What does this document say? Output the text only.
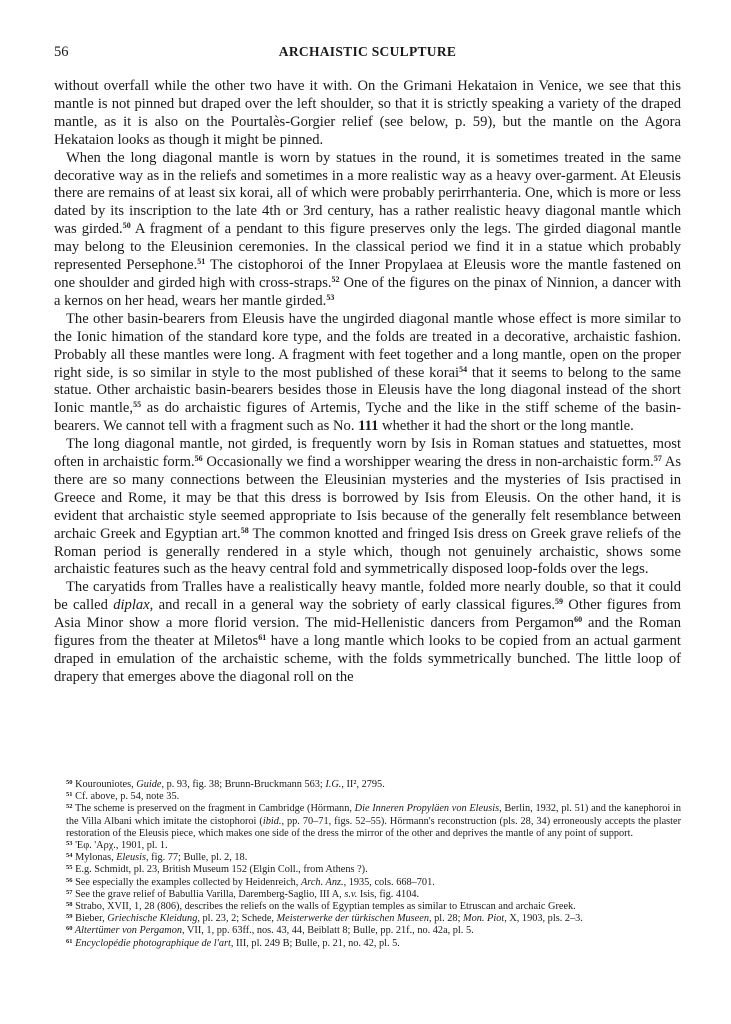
56	ARCHAISTIC SCULPTURE

without overfall while the other two have it with. On the Grimani Hekataion in Venice, we see that this mantle is not pinned but draped over the left shoulder, so that it is strictly speaking a variety of the draped mantle, as it is also on the Pourtalès-Gorgier relief (see below, p. 59), but the mantle on the Agora Hekataion looks as though it might be pinned.

When the long diagonal mantle is worn by statues in the round, it is sometimes treated in the same decorative way as in the reliefs and sometimes in a more realistic way as a heavy over-garment. At Eleusis there are remains of at least six korai, all of which were probably perirrhanteria. One, which is more or less dated by its inscription to the late 4th or 3rd century, has a rather realistic heavy diagonal mantle which was girded.$^{50}$ A fragment of a pendant to this figure preserves only the legs. The girded diagonal mantle may belong to the Eleusinion ceremonies. In the classical period we find it in a statue which probably represented Persephone.$^{51}$ The cistophoroi of the Inner Propylaea at Eleusis wore the mantle fastened on one shoulder and girded high with cross-straps.$^{52}$ One of the figures on the pinax of Ninnion, a dancer with a kernos on her head, wears her mantle girded.$^{53}$

The other basin-bearers from Eleusis have the ungirded diagonal mantle whose effect is more similar to the Ionic himation of the standard kore type, and the folds are treated in a decorative, archaistic fashion. Probably all these mantles were long. A fragment with feet together and a long mantle, open on the proper right side, is so similar in style to the most published of these korai$^{54}$ that it seems to belong to the same statue. Other archaistic basin-bearers besides those in Eleusis have the long diagonal instead of the short Ionic mantle,$^{55}$ as do archaistic figures of Artemis, Tyche and the like in the stiff scheme of the basin-bearers. We cannot tell with a fragment such as No. 111 whether it had the short or the long mantle.

The long diagonal mantle, not girded, is frequently worn by Isis in Roman statues and statuettes, most often in archaistic form.$^{56}$ Occasionally we find a worshipper wearing the dress in non-archaistic form.$^{57}$ As there are so many connections between the Eleusinian mysteries and the mysteries of Isis practised in Greece and Rome, it may be that this dress is borrowed by Isis from Eleusis. On the other hand, it is evident that archaistic style seemed appropriate to Isis because of the generally felt resemblance between archaic Greek and Egyptian art.$^{58}$ The common knotted and fringed Isis dress on Greek grave reliefs of the Roman period is generally rendered in a style which, though not genuinely archaistic, shows some archaistic features such as the heavy central fold and symmetrically disposed loop-folds over the legs.

The caryatids from Tralles have a realistically heavy mantle, folded more nearly double, so that it could be called diplax, and recall in a general way the sobriety of early classical figures.$^{59}$ Other figures from Asia Minor show a more florid version. The mid-Hellenistic dancers from Pergamon$^{60}$ and the Roman figures from the theater at Miletos$^{61}$ have a long mantle which looks to be copied from an actual garment draped in emulation of the archaistic scheme, with the folds symmetrically bunched. The little loop of drapery that emerges above the diagonal roll on the

$^{50}$ Kourouniotes, Guide, p. 93, fig. 38; Brunn-Bruckmann 563; I.G., II², 2795.

$^{51}$ Cf. above, p. 54, note 35.

$^{52}$ The scheme is preserved on the fragment in Cambridge (Hörmann, Die Inneren Propyläen von Eleusis, Berlin, 1932, pl. 51) and the kanephoroi in the Villa Albani which imitate the cistophoroi (ibid., pp. 70–71, figs. 52–55). Hörmann's reconstruction (pls. 28, 34) erroneously accepts the plaster restoration of the Eleusis piece, which makes one side of the dress the mirror of the other and deprives the mantle of any point of support.

$^{53}$ 'Εφ. 'Αρχ., 1901, pl. 1.

$^{54}$ Mylonas, Eleusis, fig. 77; Bulle, pl. 2, 18.

$^{55}$ E.g. Schmidt, pl. 23, British Museum 152 (Elgin Coll., from Athens ?).

$^{56}$ See especially the examples collected by Heidenreich, Arch. Anz., 1935, cols. 668–701.

$^{57}$ See the grave relief of Babullia Varilla, Daremberg-Saglio, III A, s.v. Isis, fig. 4104.

$^{58}$ Strabo, XVII, 1, 28 (806), describes the reliefs on the walls of Egyptian temples as similar to Etruscan and archaic Greek.

$^{59}$ Bieber, Griechische Kleidung, pl. 23, 2; Schede, Meisterwerke der türkischen Museen, pl. 28; Mon. Piot, X, 1903, pls. 2–3.

$^{60}$ Altertümer von Pergamon, VII, 1, pp. 63ff., nos. 43, 44, Beiblatt 8; Bulle, pp. 21f., no. 42a, pl. 5.

$^{61}$ Encyclopédie photographique de l'art, III, pl. 249 B; Bulle, p. 21, no. 42, pl. 5.
